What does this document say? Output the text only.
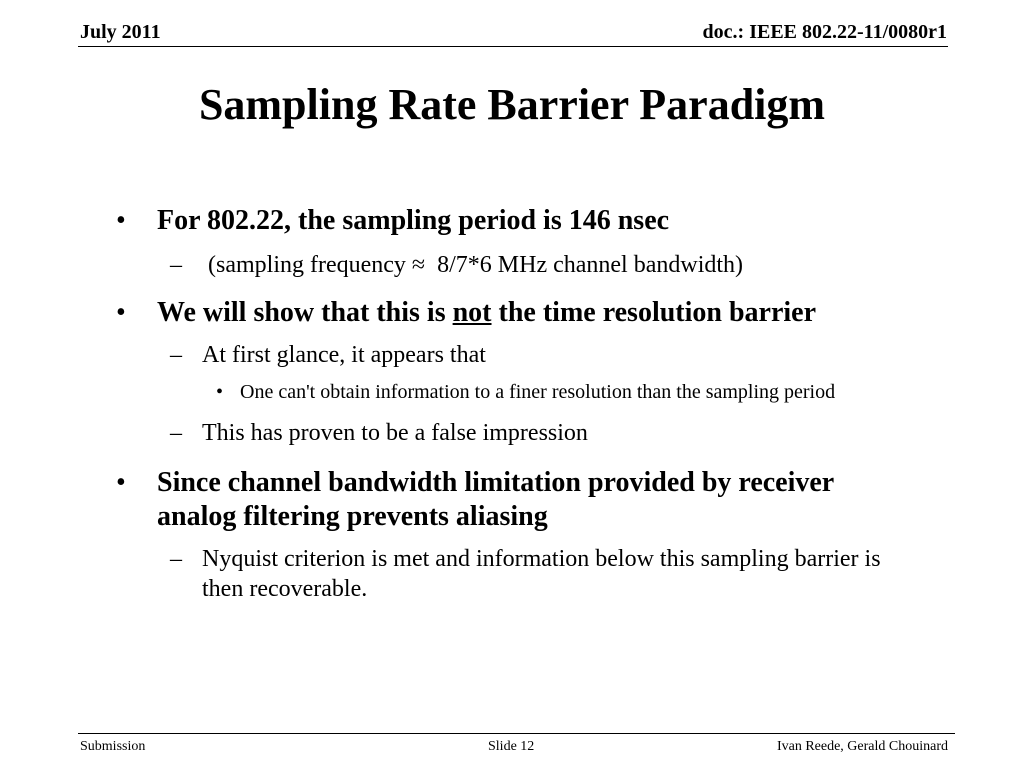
July 2011	doc.: IEEE 802.22-11/0080r1
Sampling Rate Barrier Paradigm
• For 802.22, the sampling period is 146 nsec
– (sampling frequency ≈  8/7*6 MHz channel bandwidth)
• We will show that this is not the time resolution barrier
– At first glance, it appears that
• One can't obtain information to a finer resolution than the sampling period
– This has proven to be a false impression
• Since channel bandwidth limitation provided by receiver analog filtering prevents aliasing
– Nyquist criterion is met and information below this sampling barrier is then recoverable.
Submission	Slide 12	Ivan Reede, Gerald Chouinard
